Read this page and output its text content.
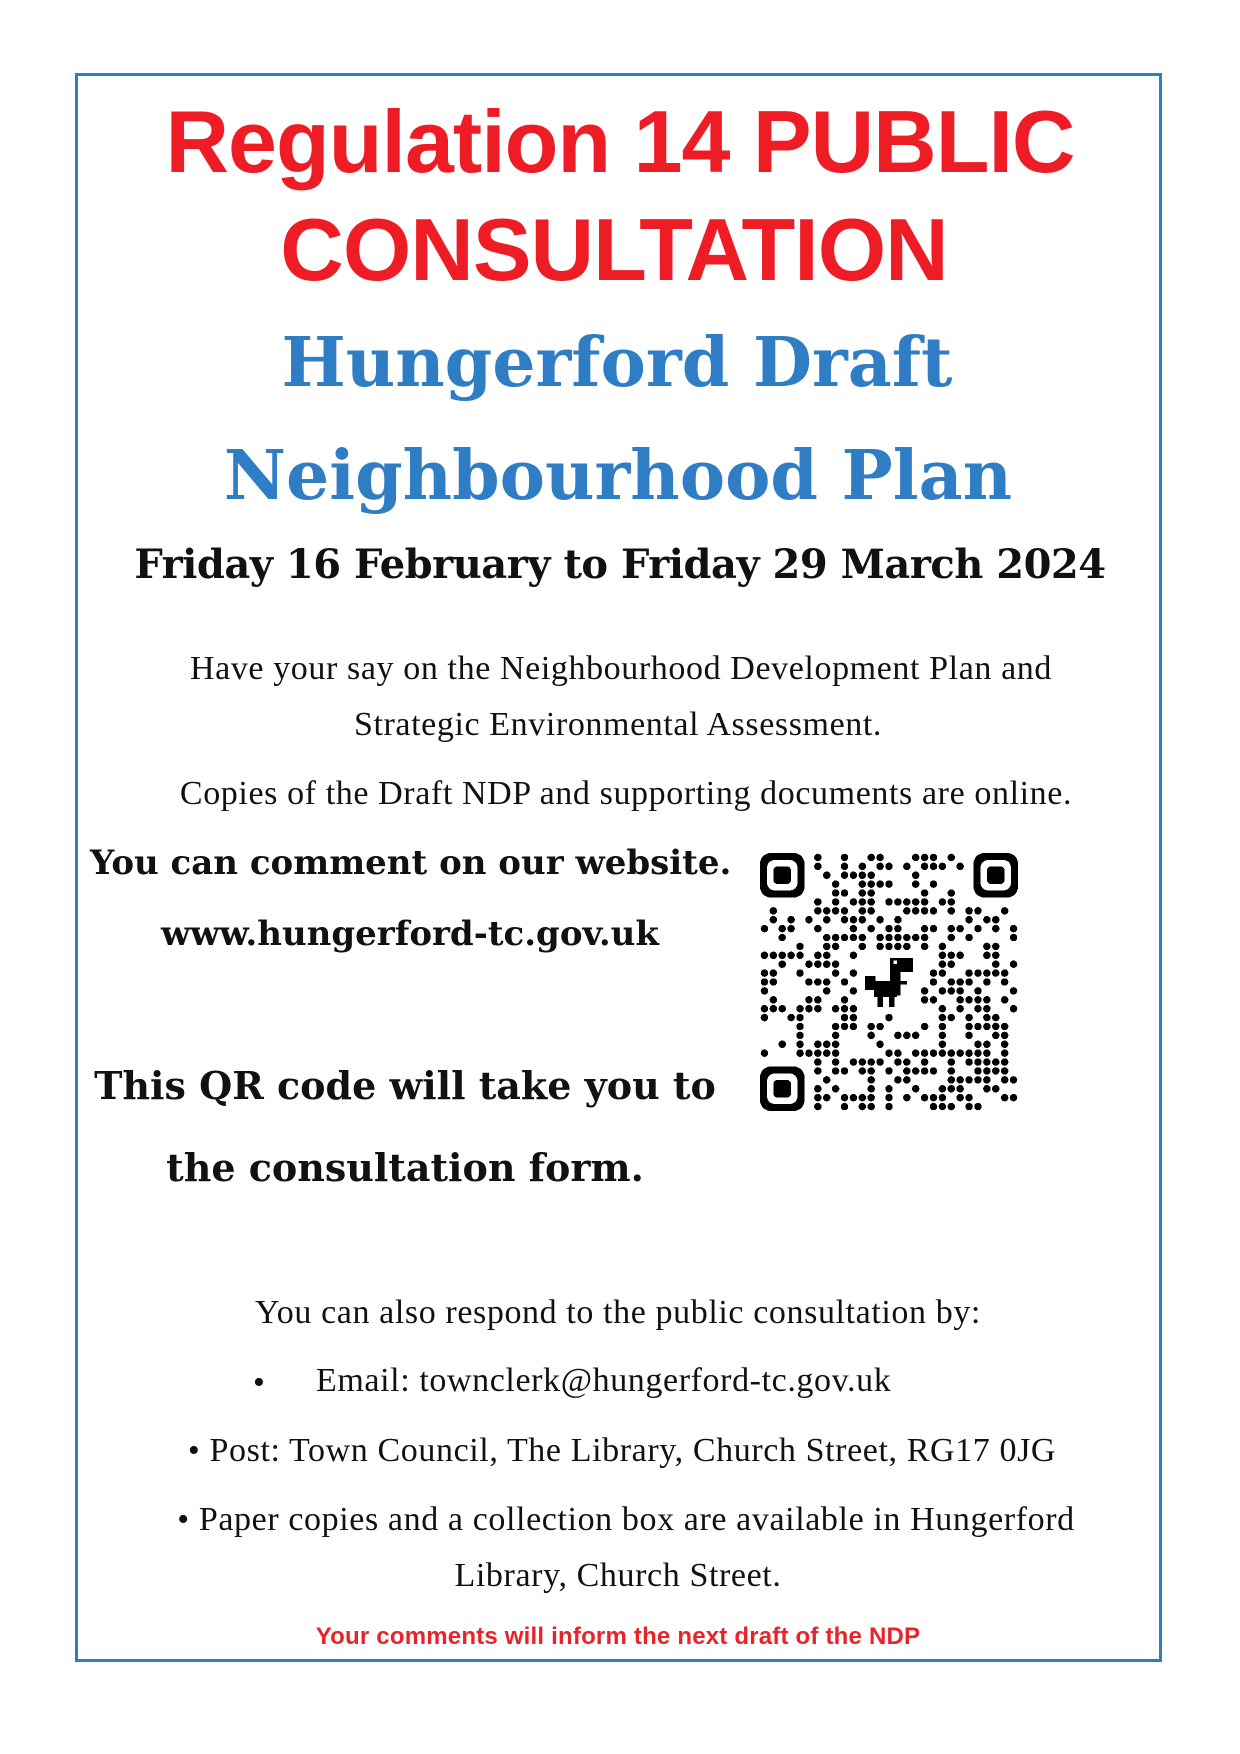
Regulation 14 PUBLIC
CONSULTATION
Hungerford Draft
Neighbourhood Plan
Friday 16 February to Friday 29 March 2024
Have your say on the Neighbourhood Development Plan and
Strategic Environmental Assessment.
Copies of the Draft NDP and supporting documents are online.
You can comment on our website.
www.hungerford-tc.gov.uk
This QR code will take you to
the consultation form.
You can also respond to the public consultation by:
• Email: townclerk@hungerford-tc.gov.uk
• Post: Town Council, The Library, Church Street, RG17 0JG
• Paper copies and a collection box are available in Hungerford
Library, Church Street.
Your comments will inform the next draft of the NDP
